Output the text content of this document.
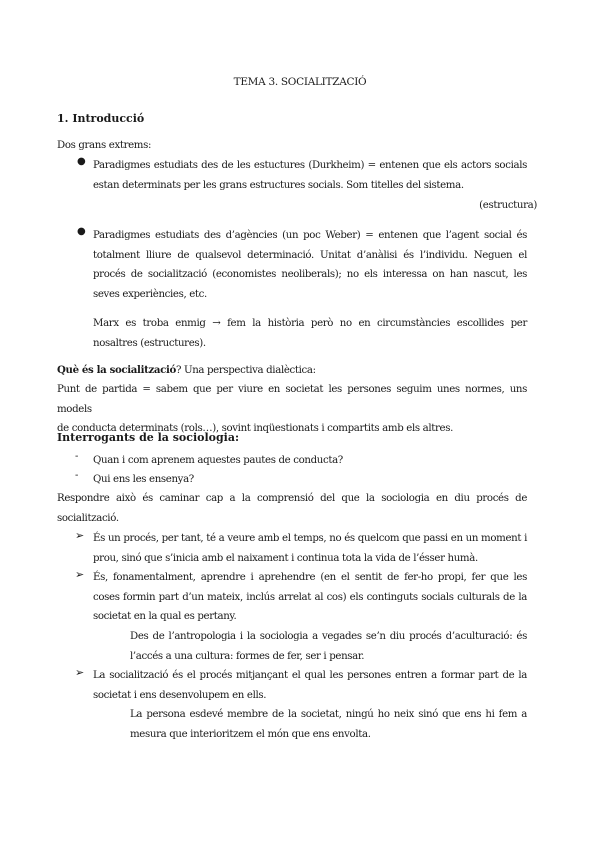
TEMA 3. SOCIALITZACIÓ
1. Introducció
Dos grans extrems:
● Paradigmes estudiats des de les estuctures (Durkheim) = entenen que els actors socials
estan determinats per les grans estructures socials. Som titelles del sistema.
(estructura)
● Paradigmes estudiats des d’agències (un poc Weber) = entenen que l’agent social és
totalment lliure de qualsevol determinació. Unitat d’anàlisi és l’individu. Neguen el
procés de socialització (economistes neoliberals); no els interessa on han nascut, les
seves experiències, etc.
Marx es troba enmig → fem la història però no en circumstàncies escollides per
nosaltres (estructures).
Què és la socialització? Una perspectiva dialèctica:
Punt de partida = sabem que per viure en societat les persones seguim unes normes, uns models
de conducta determinats (rols…), sovint inqüestionats i compartits amb els altres.
Interrogants de la sociologia:
- Quan i com aprenem aquestes pautes de conducta?
- Qui ens les ensenya?
Respondre això és caminar cap a la comprensió del que la sociologia en diu procés de
socialització.
➢ És un procés, per tant, té a veure amb el temps, no és quelcom que passi en un moment i
prou, sinó que s’inicia amb el naixament i continua tota la vida de l’ésser humà.
➢ És, fonamentalment, aprendre i aprehendre (en el sentit de fer-ho propi, fer que les
coses formin part d’un mateix, inclús arrelat al cos) els continguts socials culturals de la
societat en la qual es pertany.
Des de l’antropologia i la sociologia a vegades se’n diu procés d’aculturació: és
l’accés a una cultura: formes de fer, ser i pensar.
➢ La socialització és el procés mitjançant el qual les persones entren a formar part de la
societat i ens desenvolupem en ells.
La persona esdevé membre de la societat, ningú ho neix sinó que ens hi fem a
mesura que interioritzem el món que ens envolta.
